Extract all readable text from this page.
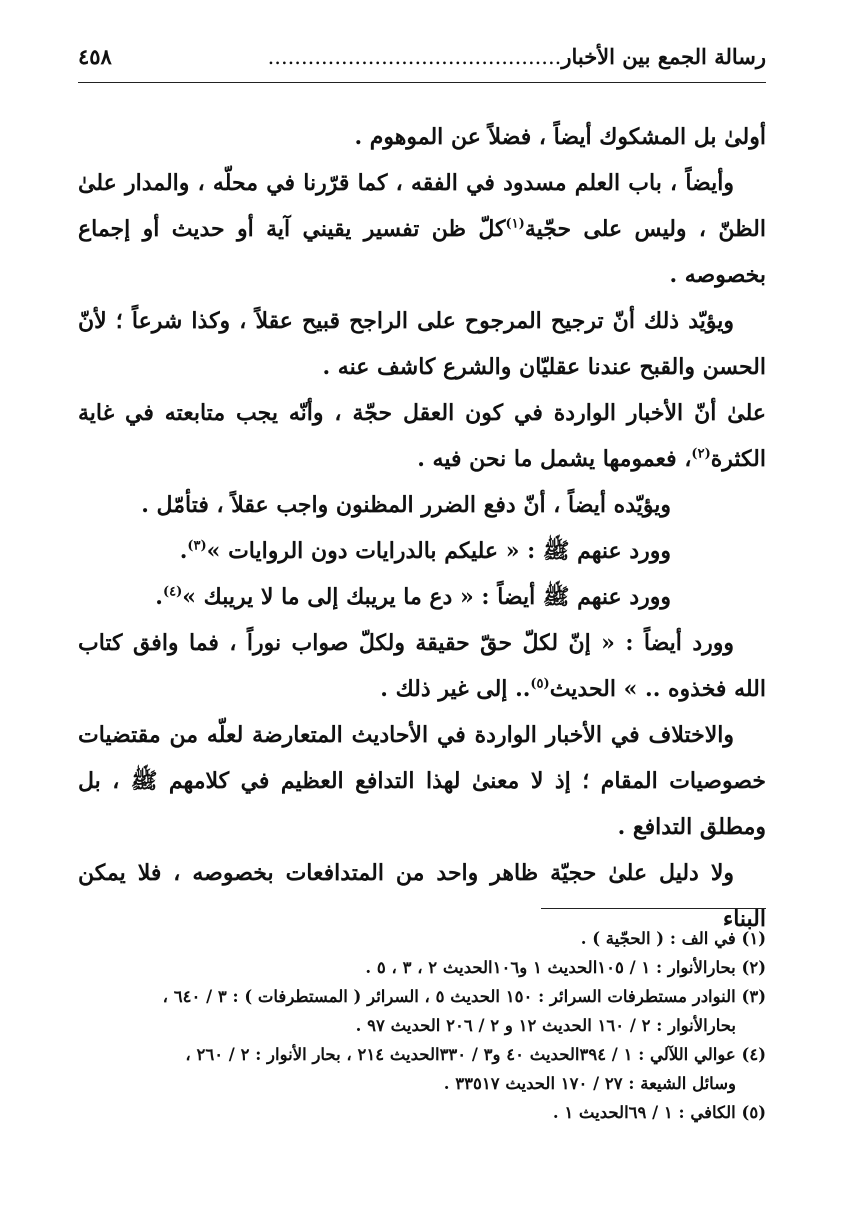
رسالة الجمع بين الأخبار............................................
٤٥٨

أولىٰ بل المشكوك أيضاً ، فضلاً عن الموهوم .

وأيضاً ، باب العلم مسدود في الفقه ، كما قرّرنا في محلّه ، والمدار علىٰ الظنّ ، وليس على حجّية$^{(١)}$كلّ ظن تفسير يقيني آية أو حديث أو إجماع بخصوصه .

ويؤيّد ذلك أنّ ترجيح المرجوح على الراجح قبيح عقلاً ، وكذا شرعاً ؛ لأنّ الحسن والقبح عندنا عقليّان والشرع كاشف عنه .

علىٰ أنّ الأخبار الواردة في كون العقل حجّة ، وأنّه يجب متابعته في غاية الكثرة$^{(٢)}$، فعمومها يشمل ما نحن فيه .

ويؤيّده أيضاً ، أنّ دفع الضرر المظنون واجب عقلاً ، فتأمّل .

وورد عنهم ﷺ : « عليكم بالدرايات دون الروايات »$^{(٣)}$.

وورد عنهم ﷺ أيضاً : « دع ما يريبك إلى ما لا يريبك »$^{(٤)}$.

وورد أيضاً : « إنّ لكلّ حقّ حقيقة ولكلّ صواب نوراً ، فما وافق كتاب الله فخذوه .. » الحديث$^{(٥)}$.. إلى غير ذلك .

والاختلاف في الأخبار الواردة في الأحاديث المتعارضة لعلّه من مقتضيات خصوصيات المقام ؛ إذ لا معنىٰ لهذا التدافع العظيم في كلامهم ﷺ ، بل ومطلق التدافع .

ولا دليل علىٰ حجيّة ظاهر واحد من المتدافعات بخصوصه ، فلا يمكن البناء

(١) في الف : ( الحجّية ) .

(٢) بحارالأنوار : ١ / ١٠٥الحديث ١ و١٠٦الحديث ٢ ، ٣ ، ٥ .

(٣) النوادر مستطرفات السرائر : ١٥٠ الحديث ٥ ، السرائر ( المستطرفات ) : ٣ / ٦٤٠ ،

بحارالأنوار : ٢ / ١٦٠ الحديث ١٢ و ٢ / ٢٠٦ الحديث ٩٧ .

(٤) عوالي اللآلي : ١ / ٣٩٤الحديث ٤٠ و٣ / ٣٣٠الحديث ٢١٤ ، بحار الأنوار : ٢ / ٢٦٠ ،

وسائل الشيعة : ٢٧ / ١٧٠ الحديث ٣٣٥١٧ .

(٥) الكافي : ١ / ٦٩الحديث ١ .
